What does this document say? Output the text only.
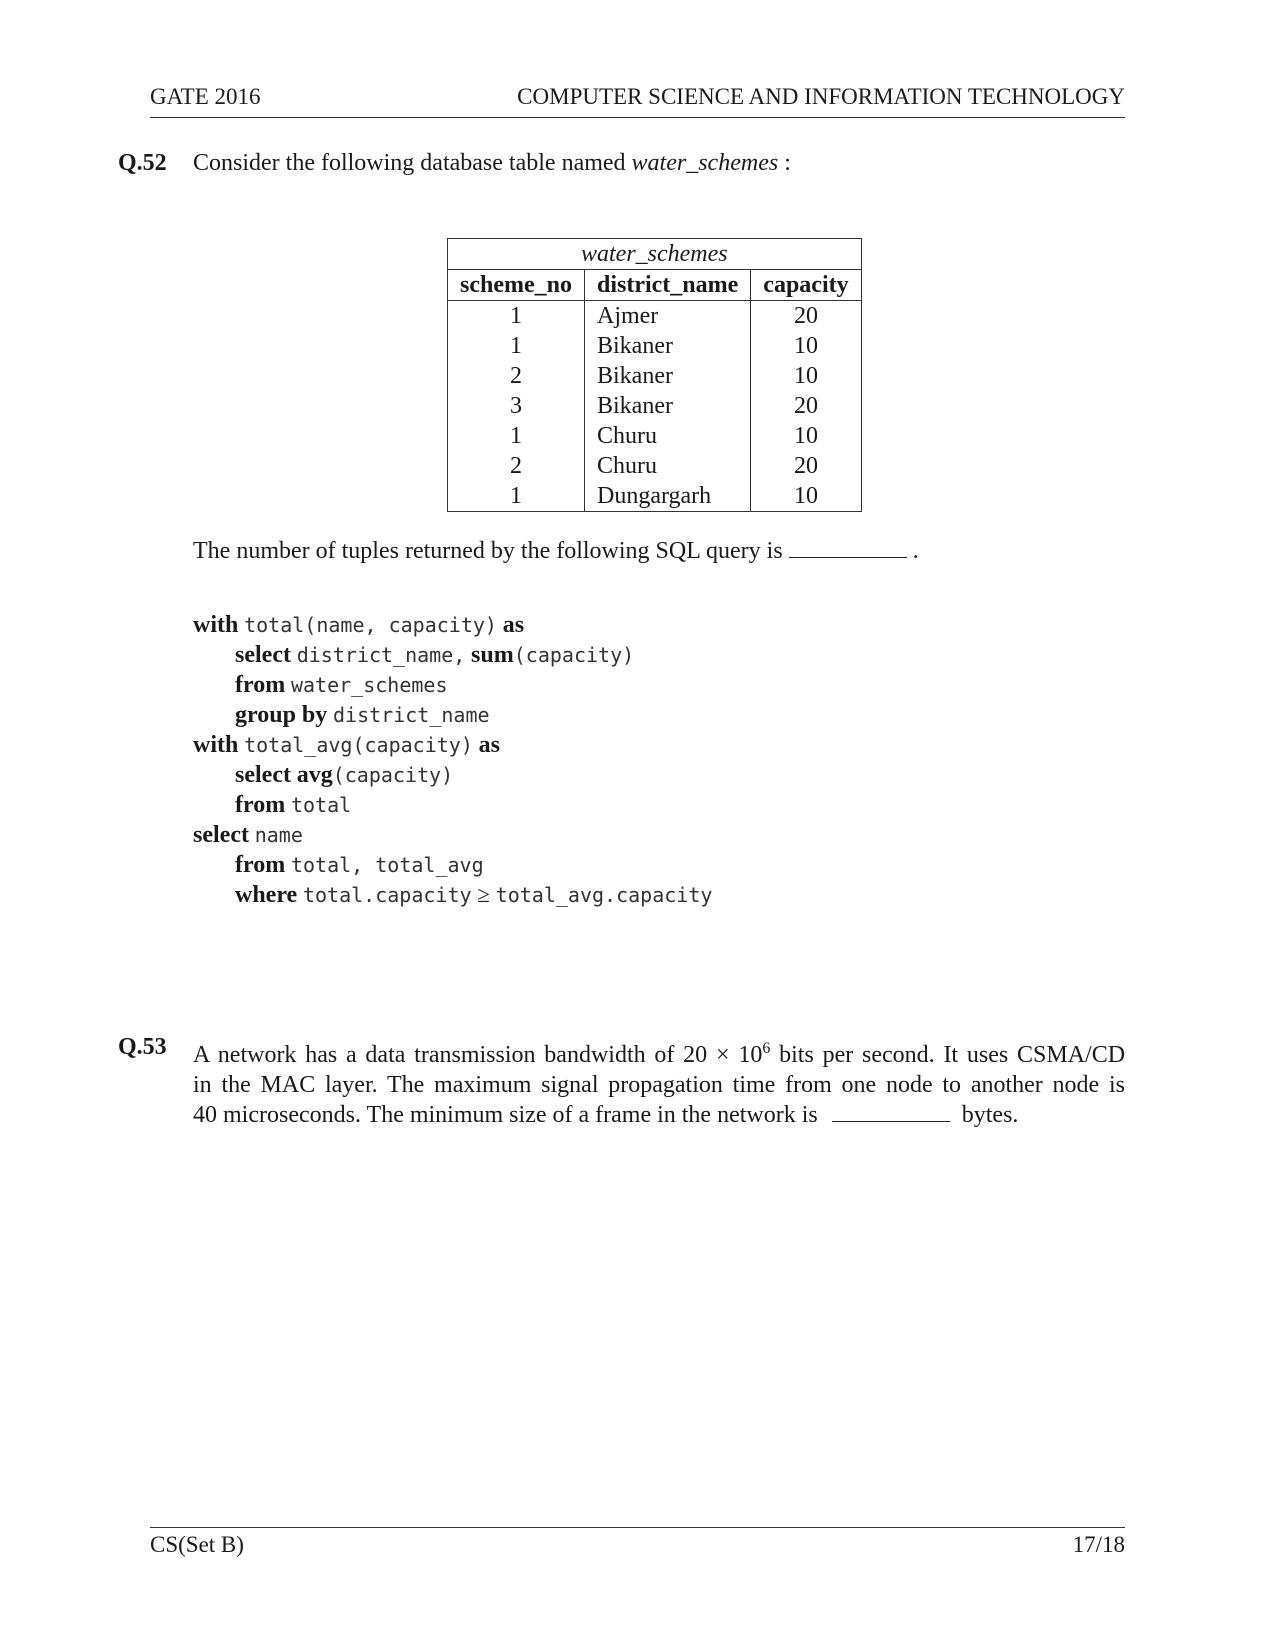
GATE 2016	COMPUTER SCIENCE AND INFORMATION TECHNOLOGY
Q.52 Consider the following database table named water_schemes :
water_schemes		
scheme_no	district_name	capacity
1	Ajmer	20
1	Bikaner	10
2	Bikaner	10
3	Bikaner	20
1	Churu	10
2	Churu	20
1	Dungargarh	10
The number of tuples returned by the following SQL query is	.
with total(name, capacity) as
select district_name, sum(capacity)
from water_schemes
group by district_name
with total_avg(capacity) as
select avg(capacity)
from total
select name
from total, total_avg
where total.capacity ≥ total_avg.capacity
Q.53 A network has a data transmission bandwidth of $20 \times 10^6$ bits per second. It uses CSMA/CD
in the MAC layer. The maximum signal propagation time from one node to another node is
40 microseconds. The minimum size of a frame in the network is	bytes.
CS(Set B)	17/18
